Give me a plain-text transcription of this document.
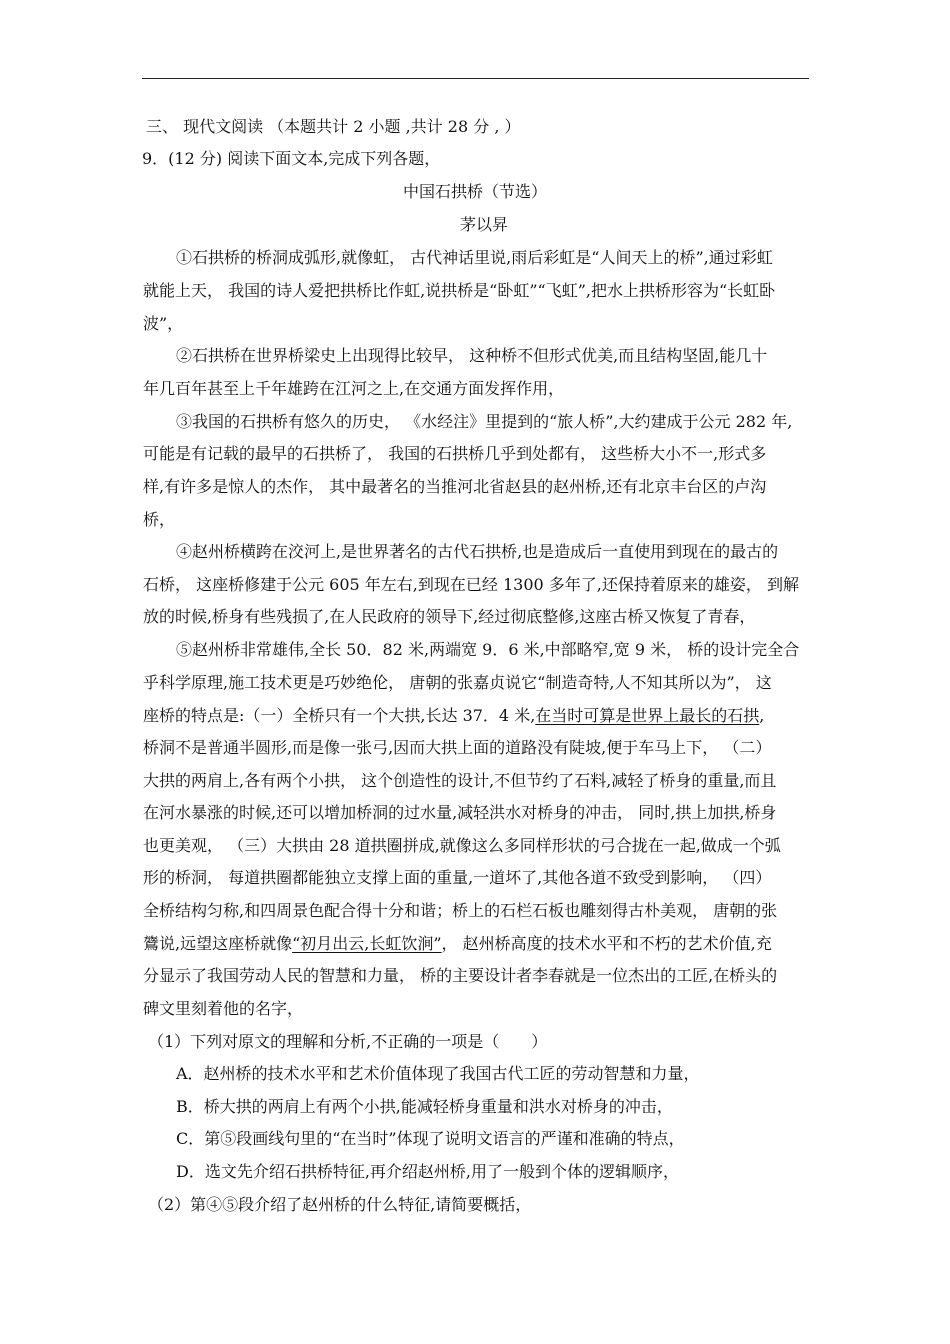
三、 现代文阅读 （本题共计 2 小题 ,共计 28 分 , ）
9．(12 分) 阅读下面文本,完成下列各题，
中国石拱桥（节选）
茅以昇
①石拱桥的桥洞成弧形,就像虹， 古代神话里说,雨后彩虹是“人间天上的桥”,通过彩虹
就能上天， 我国的诗人爱把拱桥比作虹,说拱桥是“卧虹”“飞虹”,把水上拱桥形容为“长虹卧
波”，
②石拱桥在世界桥梁史上出现得比较早， 这种桥不但形式优美,而且结构坚固,能几十
年几百年甚至上千年雄跨在江河之上,在交通方面发挥作用，
③我国的石拱桥有悠久的历史， 《水经注》里提到的“旅人桥”,大约建成于公元 282 年,
可能是有记载的最早的石拱桥了， 我国的石拱桥几乎到处都有， 这些桥大小不一,形式多
样,有许多是惊人的杰作， 其中最著名的当推河北省赵县的赵州桥,还有北京丰台区的卢沟
桥，
④赵州桥横跨在洨河上,是世界著名的古代石拱桥,也是造成后一直使用到现在的最古的
石桥， 这座桥修建于公元 605 年左右,到现在已经 1300 多年了,还保持着原来的雄姿， 到解
放的时候,桥身有些残损了,在人民政府的领导下,经过彻底整修,这座古桥又恢复了青春，
⑤赵州桥非常雄伟,全长 50．82 米,两端宽 9．6 米,中部略窄,宽 9 米， 桥的设计完全合
乎科学原理,施工技术更是巧妙绝伦， 唐朝的张嘉贞说它“制造奇特,人不知其所以为”， 这
座桥的特点是:（一）全桥只有一个大拱,长达 37．4 米,在当时可算是世界上最长的石拱,
桥洞不是普通半圆形,而是像一张弓,因而大拱上面的道路没有陡坡,便于车马上下， （二）
大拱的两肩上,各有两个小拱， 这个创造性的设计,不但节约了石料,减轻了桥身的重量,而且
在河水暴涨的时候,还可以增加桥洞的过水量,减轻洪水对桥身的冲击， 同时,拱上加拱,桥身
也更美观， （三）大拱由 28 道拱圈拼成,就像这么多同样形状的弓合拢在一起,做成一个弧
形的桥洞， 每道拱圈都能独立支撑上面的重量,一道坏了,其他各道不致受到影响， （四）
全桥结构匀称,和四周景色配合得十分和谐；桥上的石栏石板也雕刻得古朴美观， 唐朝的张
鷟说,远望这座桥就像“初月出云,长虹饮涧”， 赵州桥高度的技术水平和不朽的艺术价值,充
分显示了我国劳动人民的智慧和力量， 桥的主要设计者李春就是一位杰出的工匠,在桥头的
碑文里刻着他的名字，
（1）下列对原文的理解和分析,不正确的一项是（　　）
A．赵州桥的技术水平和艺术价值体现了我国古代工匠的劳动智慧和力量，
B．桥大拱的两肩上有两个小拱,能减轻桥身重量和洪水对桥身的冲击，
C．第⑤段画线句里的“在当时”体现了说明文语言的严谨和准确的特点，
D．选文先介绍石拱桥特征,再介绍赵州桥,用了一般到个体的逻辑顺序，
（2）第④⑤段介绍了赵州桥的什么特征,请简要概括，
